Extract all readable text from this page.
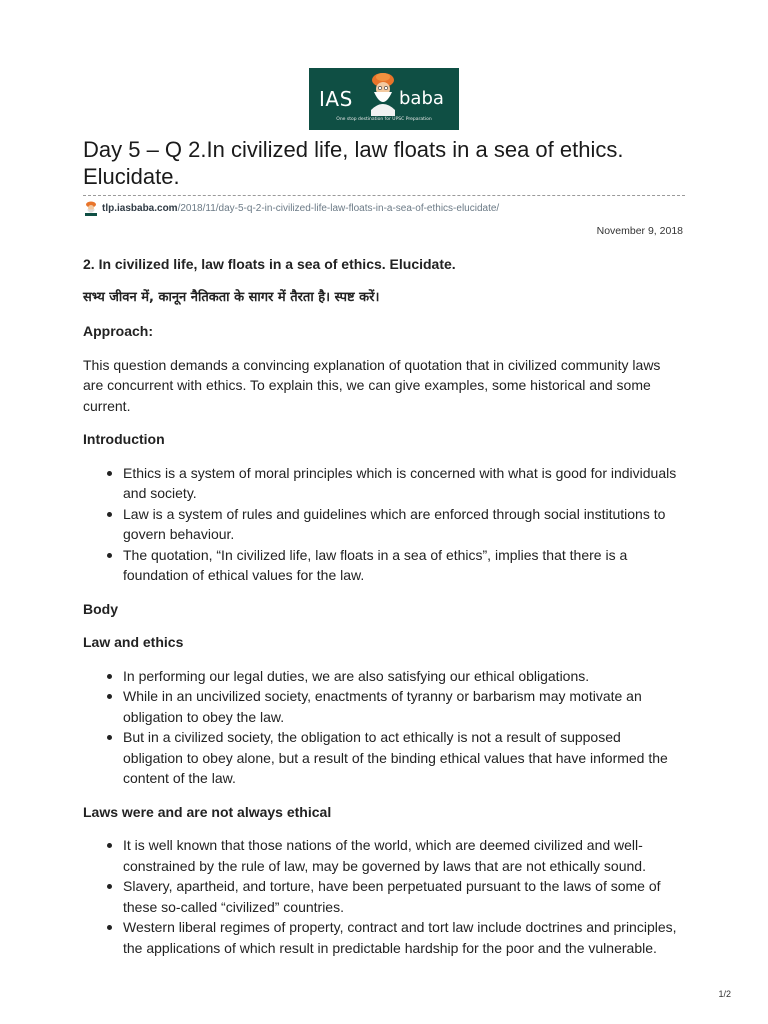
IAS	baba
One stop destination for UPSC Preparation
Day 5 – Q 2.In civilized life, law floats in a sea of ethics. Elucidate.
tlp.iasbaba.com /2018/11/day-5-q-2-in-civilized-life-law-floats-in-a-sea-of-ethics-elucidate/
November 9, 2018

2. In civilized life, law floats in a sea of ethics. Elucidate.

सभ्य जीवन में, कानून नैतिकता के सागर में तैरता है। स्पष्ट करें।

Approach:

This question demands a convincing explanation of quotation that in civilized community laws are concurrent with ethics. To explain this, we can give examples, some historical and some current.

Introduction

Ethics is a system of moral principles which is concerned with what is good for individuals and society.
Law is a system of rules and guidelines which are enforced through social institutions to govern behaviour.
The quotation, “In civilized life, law floats in a sea of ethics”, implies that there is a foundation of ethical values for the law.

Body

Law and ethics

In performing our legal duties, we are also satisfying our ethical obligations.
While in an uncivilized society, enactments of tyranny or barbarism may motivate an obligation to obey the law.
But in a civilized society, the obligation to act ethically is not a result of supposed obligation to obey alone, but a result of the binding ethical values that have informed the content of the law.

Laws were and are not always ethical

It is well known that those nations of the world, which are deemed civilized and well-constrained by the rule of law, may be governed by laws that are not ethically sound.
Slavery, apartheid, and torture, have been perpetuated pursuant to the laws of some of these so-called “civilized” countries.
Western liberal regimes of property, contract and tort law include doctrines and principles, the applications of which result in predictable hardship for the poor and the vulnerable.
1/2
